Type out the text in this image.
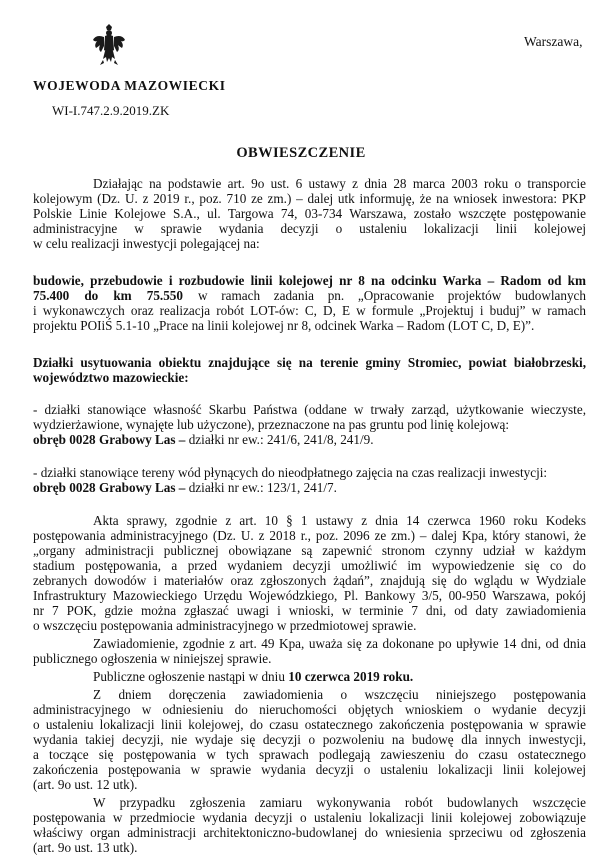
Warszawa,
WOJEWODA MAZOWIECKI
WI-I.747.2.9.2019.ZK
OBWIESZCZENIE
Działając na podstawie art. 9o ust. 6 ustawy z dnia 28 marca 2003 roku o transporcie
kolejowym (Dz. U. z 2019 r., poz. 710 ze zm.) – dalej utk informuję, że na wniosek inwestora: PKP
Polskie Linie Kolejowe S.A., ul. Targowa 74, 03-734 Warszawa, zostało wszczęte postępowanie
administracyjne w sprawie wydania decyzji o ustaleniu lokalizacji linii kolejowej
w celu realizacji inwestycji polegającej na:
budowie, przebudowie i rozbudowie linii kolejowej nr 8 na odcinku Warka – Radom od km
75.400 do km 75.550 w ramach zadania pn. „Opracowanie projektów budowlanych
i wykonawczych oraz realizacja robót LOT-ów: C, D, E w formule „Projektuj i buduj” w ramach
projektu POIiŚ 5.1-10 „Prace na linii kolejowej nr 8, odcinek Warka – Radom (LOT C, D, E)”.
Działki usytuowania obiektu znajdujące się na terenie gminy Stromiec, powiat białobrzeski,
województwo mazowieckie:
- działki stanowiące własność Skarbu Państwa (oddane w trwały zarząd, użytkowanie wieczyste,
wydzierżawione, wynajęte lub użyczone), przeznaczone na pas gruntu pod linię kolejową:
obręb 0028 Grabowy Las – działki nr ew.: 241/6, 241/8, 241/9.
- działki stanowiące tereny wód płynących do nieodpłatnego zajęcia na czas realizacji inwestycji:
obręb 0028 Grabowy Las – działki nr ew.: 123/1, 241/7.
Akta sprawy, zgodnie z art. 10 § 1 ustawy z dnia 14 czerwca 1960 roku Kodeks
postępowania administracyjnego (Dz. U. z 2018 r., poz. 2096 ze zm.) – dalej Kpa, który stanowi, że
„organy administracji publicznej obowiązane są zapewnić stronom czynny udział w każdym
stadium postępowania, a przed wydaniem decyzji umożliwić im wypowiedzenie się co do
zebranych dowodów i materiałów oraz zgłoszonych żądań”, znajdują się do wglądu w Wydziale
Infrastruktury Mazowieckiego Urzędu Wojewódzkiego, Pl. Bankowy 3/5, 00-950 Warszawa, pokój
nr 7 POK, gdzie można zgłaszać uwagi i wnioski, w terminie 7 dni, od daty zawiadomienia
o wszczęciu postępowania administracyjnego w przedmiotowej sprawie.
Zawiadomienie, zgodnie z art. 49 Kpa, uważa się za dokonane po upływie 14 dni, od dnia
publicznego ogłoszenia w niniejszej sprawie.
Publiczne ogłoszenie nastąpi w dniu 10 czerwca 2019 roku.
Z dniem doręczenia zawiadomienia o wszczęciu niniejszego postępowania
administracyjnego w odniesieniu do nieruchomości objętych wnioskiem o wydanie decyzji
o ustaleniu lokalizacji linii kolejowej, do czasu ostatecznego zakończenia postępowania w sprawie
wydania takiej decyzji, nie wydaje się decyzji o pozwoleniu na budowę dla innych inwestycji,
a toczące się postępowania w tych sprawach podlegają zawieszeniu do czasu ostatecznego
zakończenia postępowania w sprawie wydania decyzji o ustaleniu lokalizacji linii kolejowej
(art. 9o ust. 12 utk).
W przypadku zgłoszenia zamiaru wykonywania robót budowlanych wszczęcie
postępowania w przedmiocie wydania decyzji o ustaleniu lokalizacji linii kolejowej zobowiązuje
właściwy organ administracji architektoniczno-budowlanej do wniesienia sprzeciwu od zgłoszenia
(art. 9o ust. 13 utk).
